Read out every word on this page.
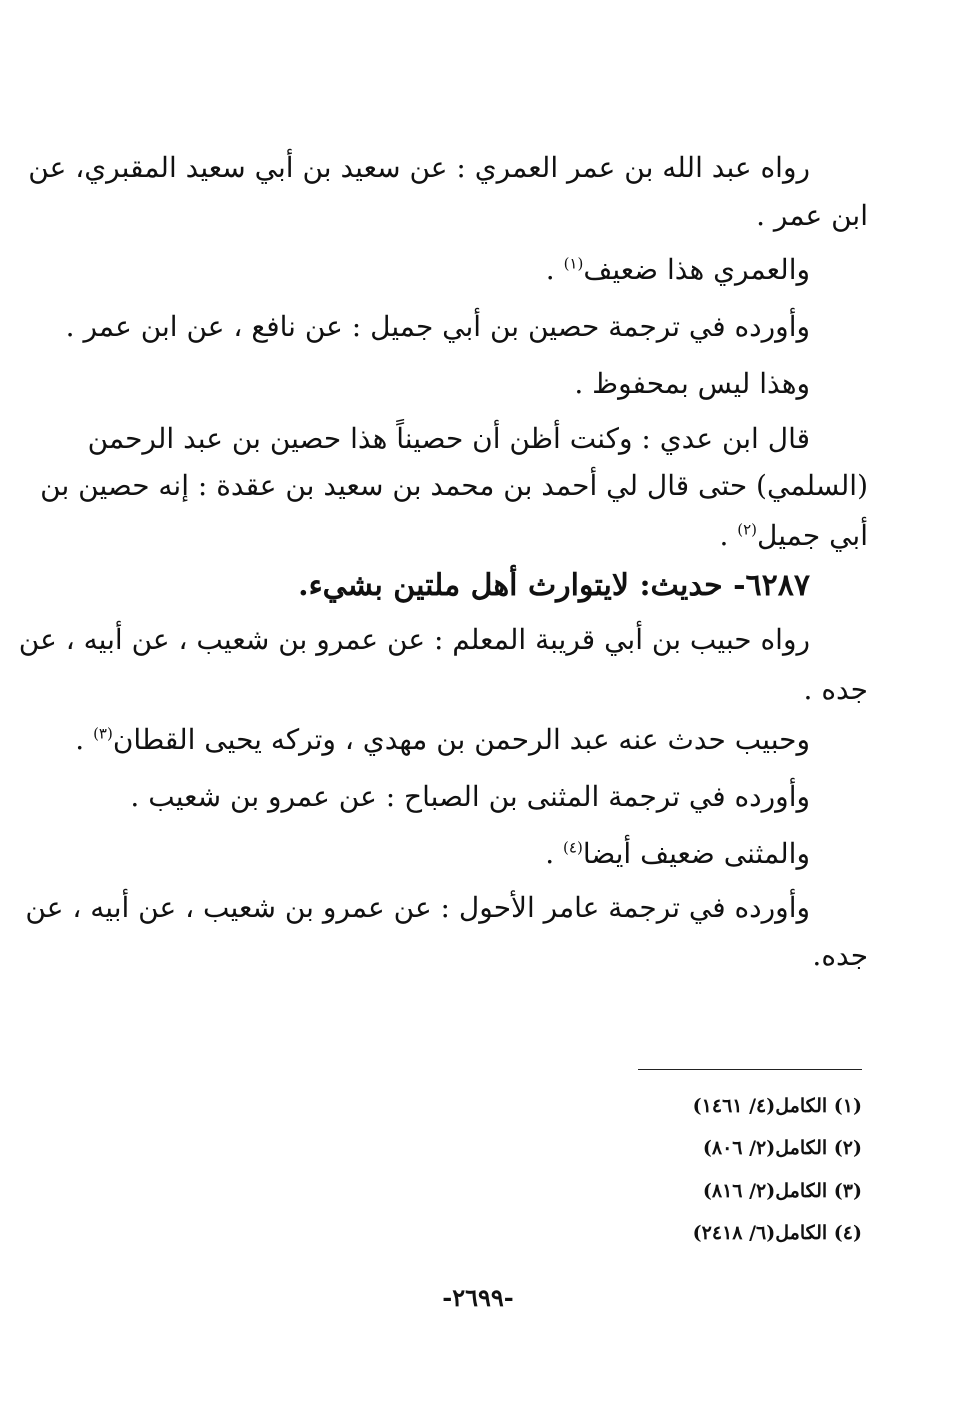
رواه عبد الله بن عمر العمري : عن سعيد بن أبي سعيد المقبري، عن
ابن عمر .
والعمري هذا ضعيف$^{(١)}$ .
وأورده في ترجمة حصين بن أبي جميل : عن نافع ، عن ابن عمر .
وهذا ليس بمحفوظ .
قال ابن عدي : وكنت أظن أن حصيناً هذا حصين بن عبد الرحمن
(السلمي) حتى قال لي أحمد بن محمد بن سعيد بن عقدة : إنه حصين بن
أبي جميل$^{(٢)}$ .
٦٢٨٧- حديث: لايتوارث أهل ملتين بشيء.
رواه حبيب بن أبي قريبة المعلم : عن عمرو بن شعيب ، عن أبيه ، عن
جده .
وحبيب حدث عنه عبد الرحمن بن مهدي ، وتركه يحيى القطان$^{(٣)}$ .
وأورده في ترجمة المثنى بن الصباح : عن عمرو بن شعيب .
والمثنى ضعيف أيضا$^{(٤)}$ .
وأورده في ترجمة عامر الأحول : عن عمرو بن شعيب ، عن أبيه ، عن
جده.
(١) الكامل(٤/ ١٤٦١)
(٢) الكامل(٢/ ٨٠٦)
(٣) الكامل(٢/ ٨١٦)
(٤) الكامل(٦/ ٢٤١٨)
-٢٦٩٩-
